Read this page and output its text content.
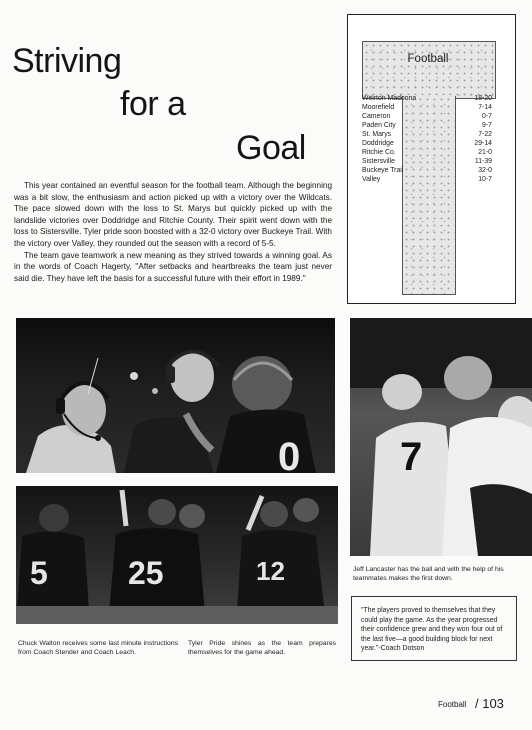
Striving
for a
Goal

This year contained an eventful season for the football team. Although the beginning was a bit slow, the enthusiasm and action picked up with a victory over the Wildcats. The pace slowed down with the loss to St. Marys but quickly picked up with the landslide victories over Doddridge and Ritchie County. Their spirit went down with the loss to Sistersville. Tyler pride soon boosted with a 32-0 victory over Buckeye Trail. With the victory over Valley, they rounded out the season with a record of 5-5.

The team gave teamwork a new meaning as they strived towards a winning goal. As in the words of Coach Hagerty, ''After setbacks and heartbreaks the team just never said die. They have left the basis for a successful future with their effort in 1989.''

Football
Weirton Madonna	18-20
Moorefield	7-14
Cameron	0-7
Paden City	9-7
St. Marys	7-22
Doddridge	29-14
Ritchie Co.	21-0
Sistersville	11-39
Buckeye Trail	32-0
Valley	10-7
0 7
5	25	12
Chuck Walton receives some last minute instructions from Coach Stender and Coach Leach.
Tyler Pride shines as the team prepares themselves for the game ahead.
Jeff Lancaster has the ball and with the help of his teammates makes the first down.
"The players proved to themselves that they could play the game. As the year progressed their confidence grew and they won four out of the last five—a good building block for next year."-Coach Dotson
Football / 103
